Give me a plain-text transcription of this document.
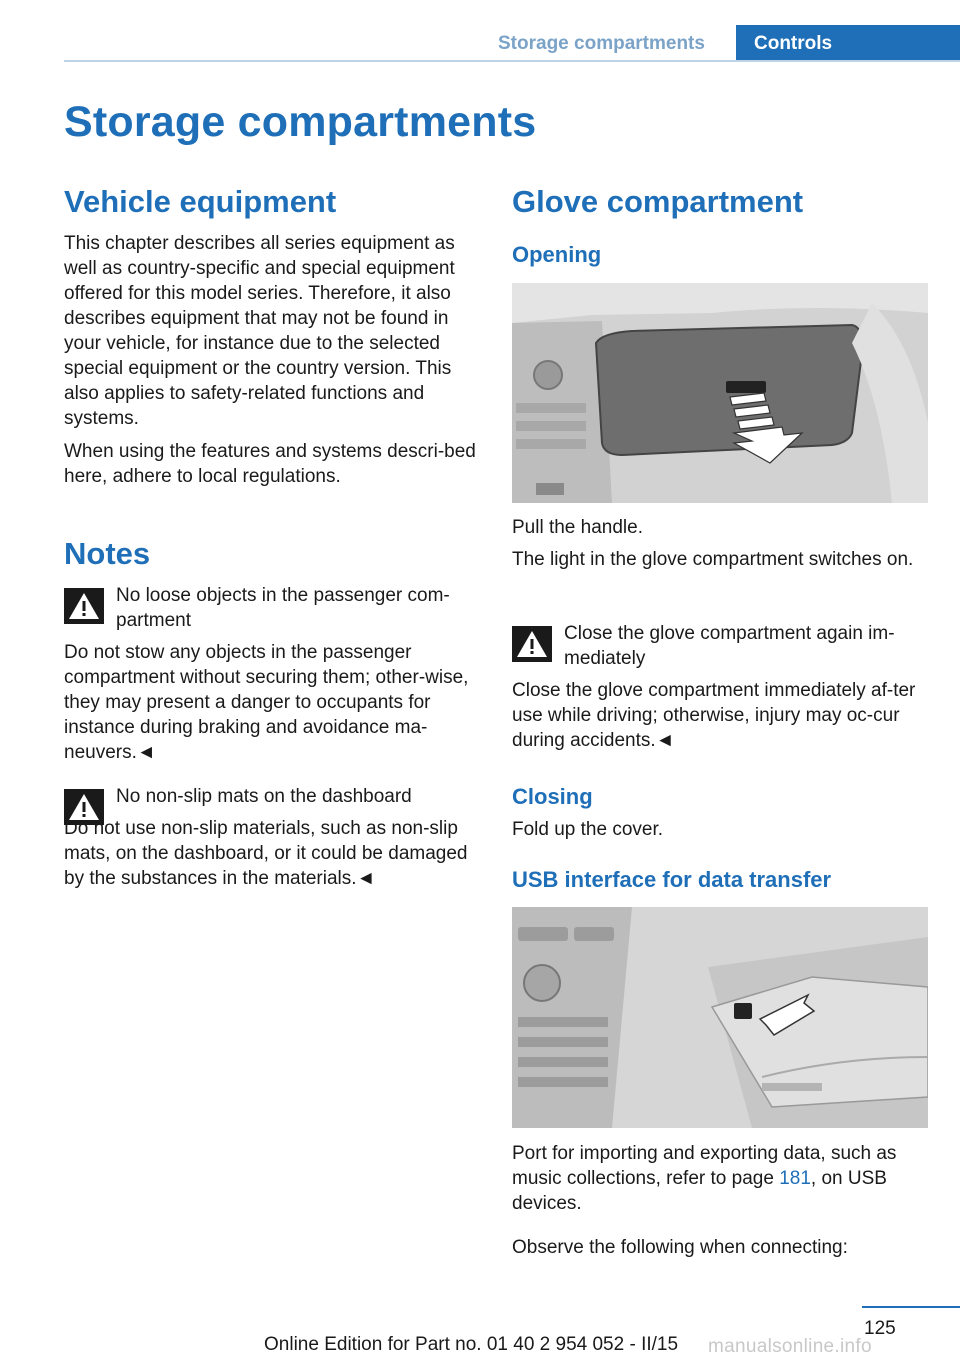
Storage compartments	Controls
Storage compartments
Vehicle equipment

This chapter describes all series equipment as well as country-specific and special equipment offered for this model series. Therefore, it also describes equipment that may not be found in your vehicle, for instance due to the selected special equipment or the country version. This also applies to safety-related functions and systems.

When using the features and systems descri‐bed here, adhere to local regulations.

Notes

No loose objects in the passenger com‐partment

Do not stow any objects in the passenger compartment without securing them; other‐wise, they may present a danger to occupants for instance during braking and avoidance ma‐neuvers.◄

No non-slip mats on the dashboard

Do not use non-slip materials, such as non-slip mats, on the dashboard, or it could be damaged by the substances in the materials.◄

Glove compartment
Opening

Pull the handle.

The light in the glove compartment switches on.

Close the glove compartment again im‐mediately

Close the glove compartment immediately af‐ter use while driving; otherwise, injury may oc‐cur during accidents.◄

Closing

Fold up the cover.

USB interface for data transfer

Port for importing and exporting data, such as music collections, refer to page 181, on USB devices.

Observe the following when connecting:

125
Online Edition for Part no. 01 40 2 954 052 - II/15 manualsonline.info
